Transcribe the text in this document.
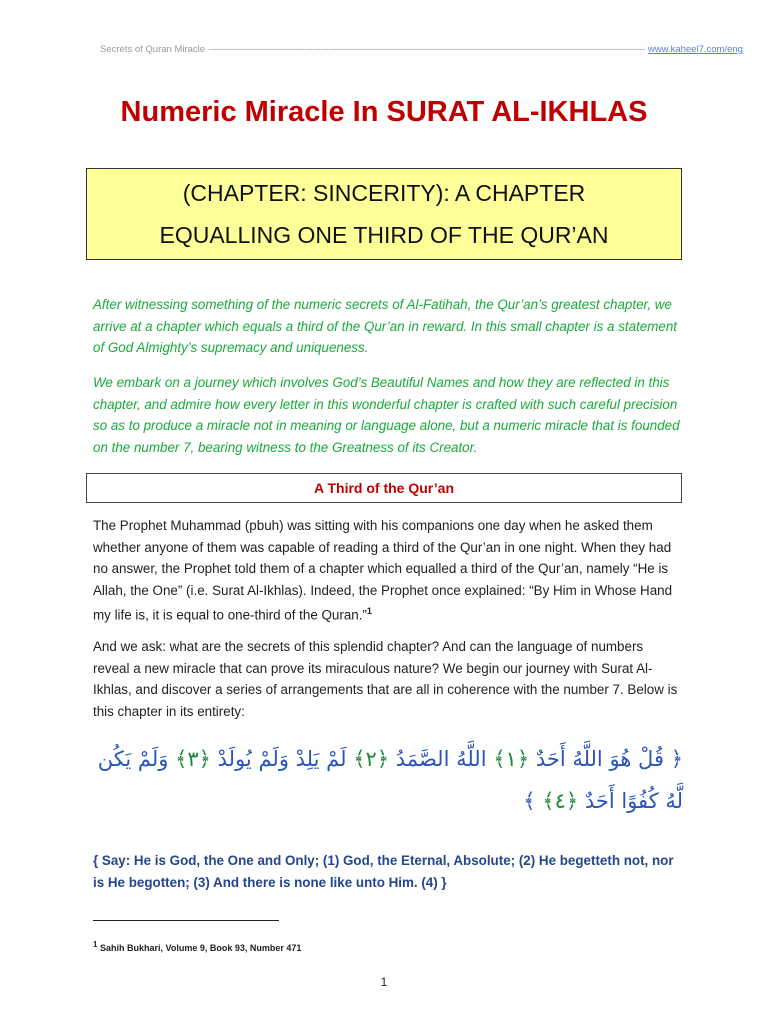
Secrets of Quran Miracle -------------------------------------------------------------------------------------------------------------------------------------------------------------------- www.kaheel7.com/eng
Numeric Miracle In SURAT AL-IKHLAS
(CHAPTER: SINCERITY): A CHAPTER
EQUALLING ONE THIRD OF THE QUR’AN

After witnessing something of the numeric secrets of Al-Fatihah, the Qur’an’s greatest chapter, we arrive at a chapter which equals a third of the Qur’an in reward. In this small chapter is a statement of God Almighty’s supremacy and uniqueness.

We embark on a journey which involves God’s Beautiful Names and how they are reflected in this chapter, and admire how every letter in this wonderful chapter is crafted with such careful precision so as to produce a miracle not in meaning or language alone, but a numeric miracle that is founded on the number 7, bearing witness to the Greatness of its Creator.

A Third of the Qur’an

The Prophet Muhammad (pbuh) was sitting with his companions one day when he asked them whether anyone of them was capable of reading a third of the Qur’an in one night. When they had no answer, the Prophet told them of a chapter which equalled a third of the Qur’an, namely “He is Allah, the One” (i.e. Surat Al-Ikhlas). Indeed, the Prophet once explained: “By Him in Whose Hand my life is, it is equal to one-third of the Quran.”$^1$

And we ask: what are the secrets of this splendid chapter? And can the language of numbers reveal a new miracle that can prove its miraculous nature? We begin our journey with Surat Al-Ikhlas, and discover a series of arrangements that are all in coherence with the number 7. Below is this chapter in its entirety:

﴿ قُلْ هُوَ اللَّهُ أَحَدٌ ﴿١﴾ اللَّهُ الصَّمَدُ ﴿٢﴾ لَمْ يَلِدْ وَلَمْ يُولَدْ ﴿٣﴾ وَلَمْ يَكُن لَّهُ كُفُوًا أَحَدٌ ﴿٤﴾ ﴾

{ Say: He is God, the One and Only; (1) God, the Eternal, Absolute; (2) He begetteth not, nor is He begotten; (3) And there is none like unto Him. (4) }

$^1$ Sahih Bukhari, Volume 9, Book 93, Number 471
1
